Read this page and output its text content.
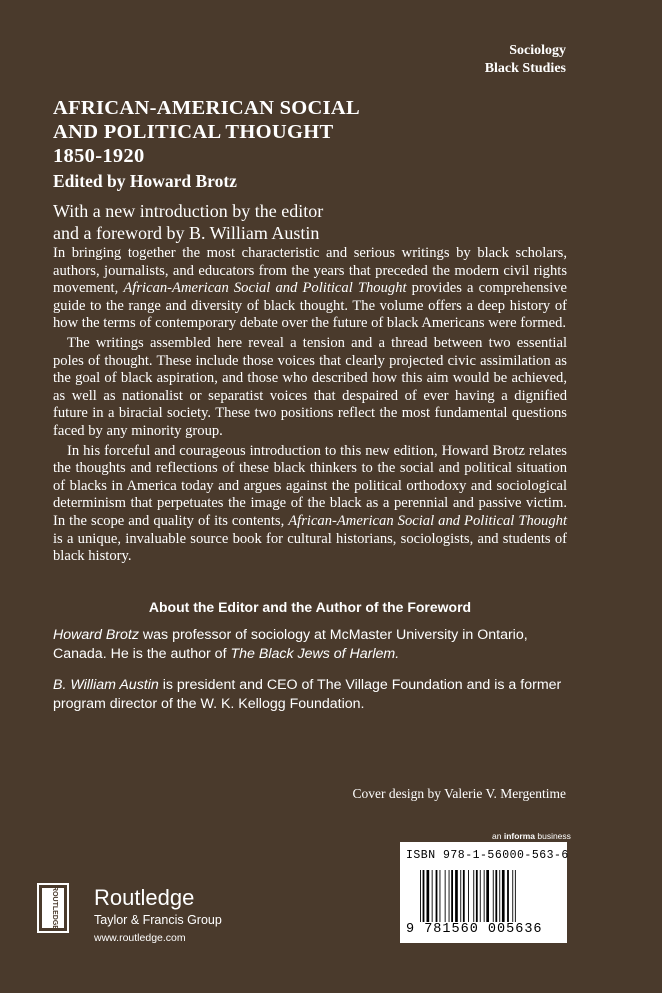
Sociology
Black Studies
AFRICAN-AMERICAN SOCIAL
AND POLITICAL THOUGHT
1850-1920
Edited by Howard Brotz
With a new introduction by the editor
and a foreword by B. William Austin

In bringing together the most characteristic and serious writings by black scholars, authors, journalists, and educators from the years that preceded the modern civil rights movement, African-American Social and Political Thought provides a comprehensive guide to the range and diversity of black thought. The volume offers a deep history of how the terms of contemporary debate over the future of black Americans were formed.

The writings assembled here reveal a tension and a thread between two essential poles of thought. These include those voices that clearly projected civic assimilation as the goal of black aspiration, and those who described how this aim would be achieved, as well as nationalist or separatist voices that despaired of ever having a dignified future in a biracial society. These two positions reflect the most fundamental questions faced by any minority group.

In his forceful and courageous introduction to this new edition, Howard Brotz relates the thoughts and reflections of these black thinkers to the social and political situation of blacks in America today and argues against the political orthodoxy and sociological determinism that perpetuates the image of the black as a perennial and passive victim. In the scope and quality of its contents, African-American Social and Political Thought is a unique, invaluable source book for cultural historians, sociologists, and students of black history.

About the Editor and the Author of the Foreword

Howard Brotz was professor of sociology at McMaster University in Ontario, Canada. He is the author of The Black Jews of Harlem.

B. William Austin is president and CEO of The Village Foundation and is a former program director of the W. K. Kellogg Foundation.

Cover design by Valerie V. Mergentime
an informa business
ISBN 978-1-56000-563-6
9 781560 005636
ROUTLEDGE Routledge
Taylor & Francis Group
www.routledge.com
